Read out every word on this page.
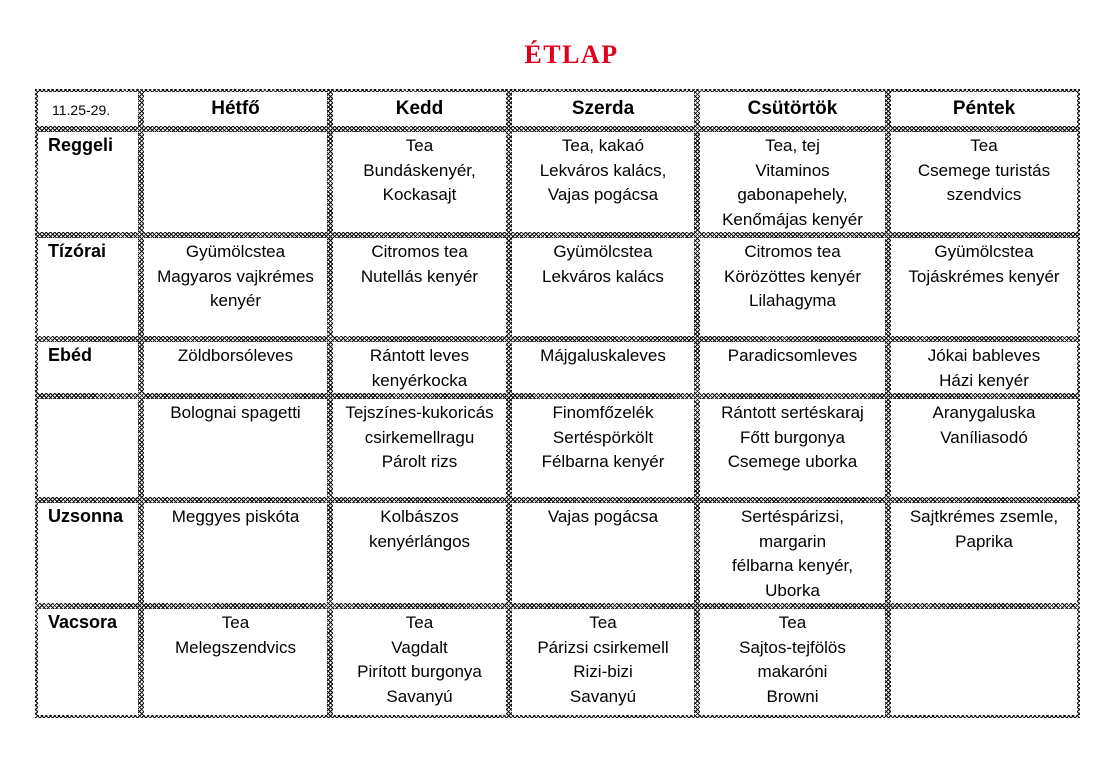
ÉTLAP
11.25-29.	Hétfő	Kedd	Szerda	Csütörtök	Péntek
Reggeli		Tea
Bundáskenyér,
Kockasajt	Tea, kakaó
Lekváros kalács,
Vajas pogácsa	Tea, tej
Vitaminos
gabonapehely,
Kenőmájas kenyér	Tea
Csemege turistás
szendvics

Tízórai	Gyümölcstea
Magyaros vajkrémes
kenyér	Citromos tea
Nutellás kenyér	Gyümölcstea
Lekváros kalács	Citromos tea
Körözöttes kenyér
Lilahagyma	Gyümölcstea
Tojáskrémes kenyér

Ebéd	Zöldborsóleves	Rántott leves
kenyérkocka	Májgaluskaleves	Paradicsomleves	Jókai bableves
Házi kenyér

	Bolognai spagetti	Tejszínes-kukoricás
csirkemellragu
Párolt rizs	Finomfőzelék
Sertéspörkölt
Félbarna kenyér	Rántott sertéskaraj
Főtt burgonya
Csemege uborka	Aranygaluska
Vaníliasodó

Uzsonna	Meggyes piskóta	Kolbászos
kenyérlángos	Vajas pogácsa	Sertéspárizsi,
margarin
félbarna kenyér,
Uborka	Sajtkrémes zsemle,
Paprika

Vacsora	Tea
Melegszendvics	Tea
Vagdalt
Pirított burgonya
Savanyú	Tea
Párizsi csirkemell
Rizi-bizi
Savanyú	Tea
Sajtos-tejfölös
makaróni
Browni	
